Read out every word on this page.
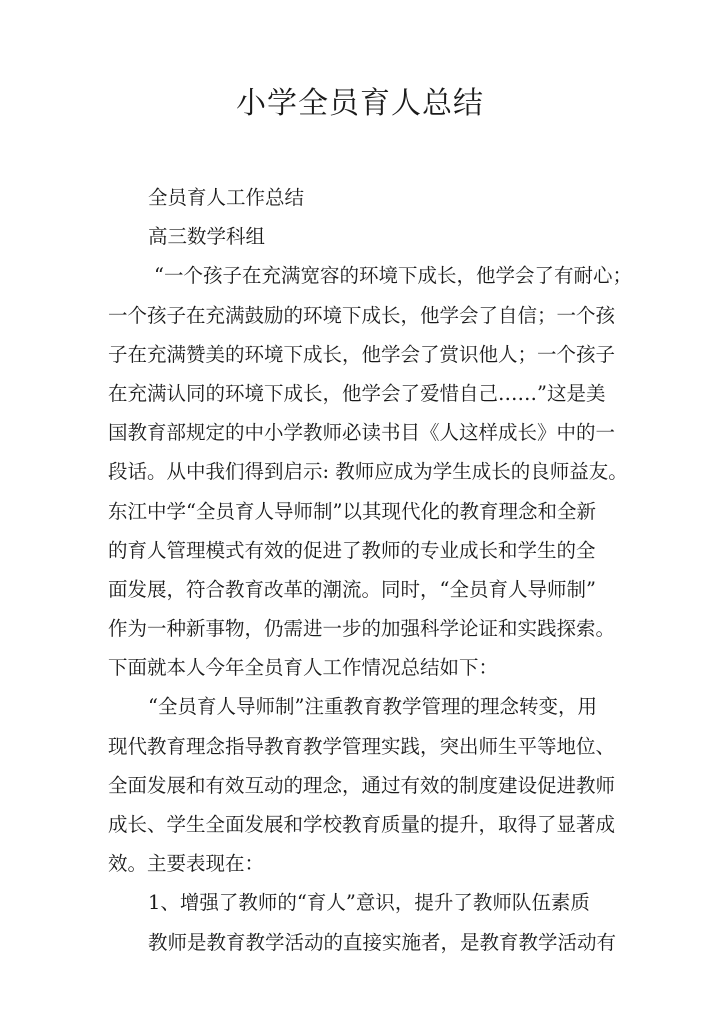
小学全员育人总结
全员育人工作总结
高三数学科组
“一个孩子在充满宽容的环境下成长，他学会了有耐心；
一个孩子在充满鼓励的环境下成长，他学会了自信；一个孩
子在充满赞美的环境下成长，他学会了赏识他人；一个孩子
在充满认同的环境下成长，他学会了爱惜自己……”这是美
国教育部规定的中小学教师必读书目《人这样成长》中的一
段话。从中我们得到启示: 教师应成为学生成长的良师益友。
东江中学“全员育人导师制”以其现代化的教育理念和全新
的育人管理模式有效的促进了教师的专业成长和学生的全
面发展，符合教育改革的潮流。同时，“全员育人导师制”
作为一种新事物，仍需进一步的加强科学论证和实践探索。
下面就本人今年全员育人工作情况总结如下：
“全员育人导师制”注重教育教学管理的理念转变，用
现代教育理念指导教育教学管理实践，突出师生平等地位、
全面发展和有效互动的理念，通过有效的制度建设促进教师
成长、学生全面发展和学校教育质量的提升，取得了显著成
效。主要表现在：
1、增强了教师的“育人”意识，提升了教师队伍素质
教师是教育教学活动的直接实施者，是教育教学活动有
